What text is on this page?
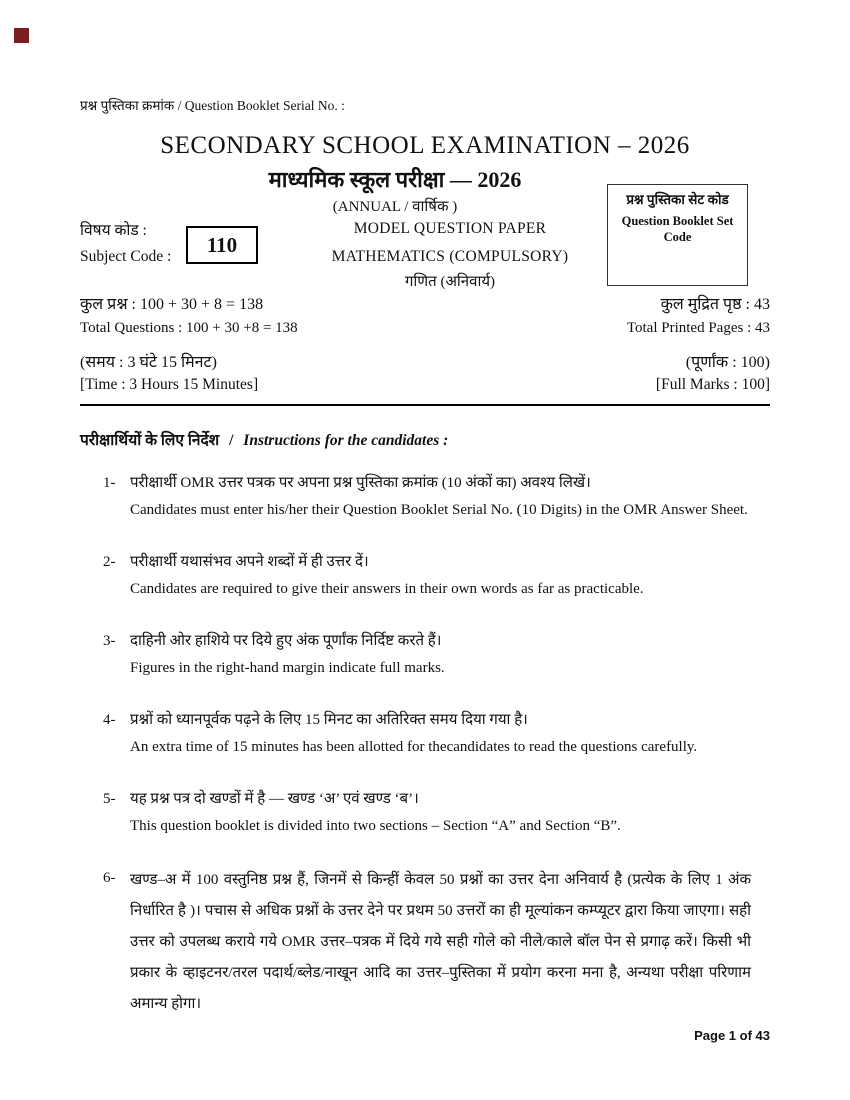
प्रश्न पुस्तिका क्रमांक / Question Booklet Serial No. :
SECONDARY SCHOOL EXAMINATION – 2026
माध्यमिक स्कूल परीक्षा — 2026
(ANNUAL / वार्षिक )	प्रश्न पुस्तिका सेट कोड
Question Booklet Set Code
विषय कोड :
Subject Code :	110
MODEL QUESTION PAPER
MATHEMATICS (COMPULSORY)
गणित (अनिवार्य)
कुल प्रश्न : 100 + 30 + 8 = 138	कुल मुद्रित पृष्ठ : 43
Total Questions : 100 + 30 +8 = 138	Total Printed Pages : 43
(समय : 3 घंटे 15 मिनट)	(पूर्णांक : 100)
[Time : 3 Hours 15 Minutes]	[Full Marks : 100]
परीक्षार्थियों के लिए निर्देश / Instructions for the candidates :
1- परीक्षार्थी OMR उत्तर पत्रक पर अपना प्रश्न पुस्तिका क्रमांक (10 अंकों का) अवश्य लिखें।
Candidates must enter his/her their Question Booklet Serial No. (10 Digits) in the OMR Answer Sheet.
2- परीक्षार्थी यथासंभव अपने शब्दों में ही उत्तर दें।
Candidates are required to give their answers in their own words as far as practicable.
3- दाहिनी ओर हाशिये पर दिये हुए अंक पूर्णांक निर्दिष्ट करते हैं।
Figures in the right-hand margin indicate full marks.
4- प्रश्नों को ध्यानपूर्वक पढ़ने के लिए 15 मिनट का अतिरिक्त समय दिया गया है।
An extra time of 15 minutes has been allotted for thecandidates to read the questions carefully.
5- यह प्रश्न पत्र दो खण्डों में है — खण्ड ‘अ’ एवं खण्ड ‘ब’।
This question booklet is divided into two sections – Section “A” and Section “B”.
6- खण्ड–अ में 100 वस्तुनिष्ठ प्रश्न हैं, जिनमें से किन्हीं केवल 50 प्रश्नों का उत्तर देना अनिवार्य है (प्रत्येक के लिए 1 अंक निर्धारित है )। पचास से अधिक प्रश्नों के उत्तर देने पर प्रथम 50 उत्तरों का ही मूल्यांकन कम्प्यूटर द्वारा किया जाएगा। सही उत्तर को उपलब्ध कराये गये OMR उत्तर–पत्रक में दिये गये सही गोले को नीले/काले बॉल पेन से प्रगाढ़ करें। किसी भी प्रकार के व्हाइटनर/तरल पदार्थ/ब्लेड/नाखून आदि का उत्तर–पुस्तिका में प्रयोग करना मना है, अन्यथा परीक्षा परिणाम अमान्य होगा।
Page 1 of 43
